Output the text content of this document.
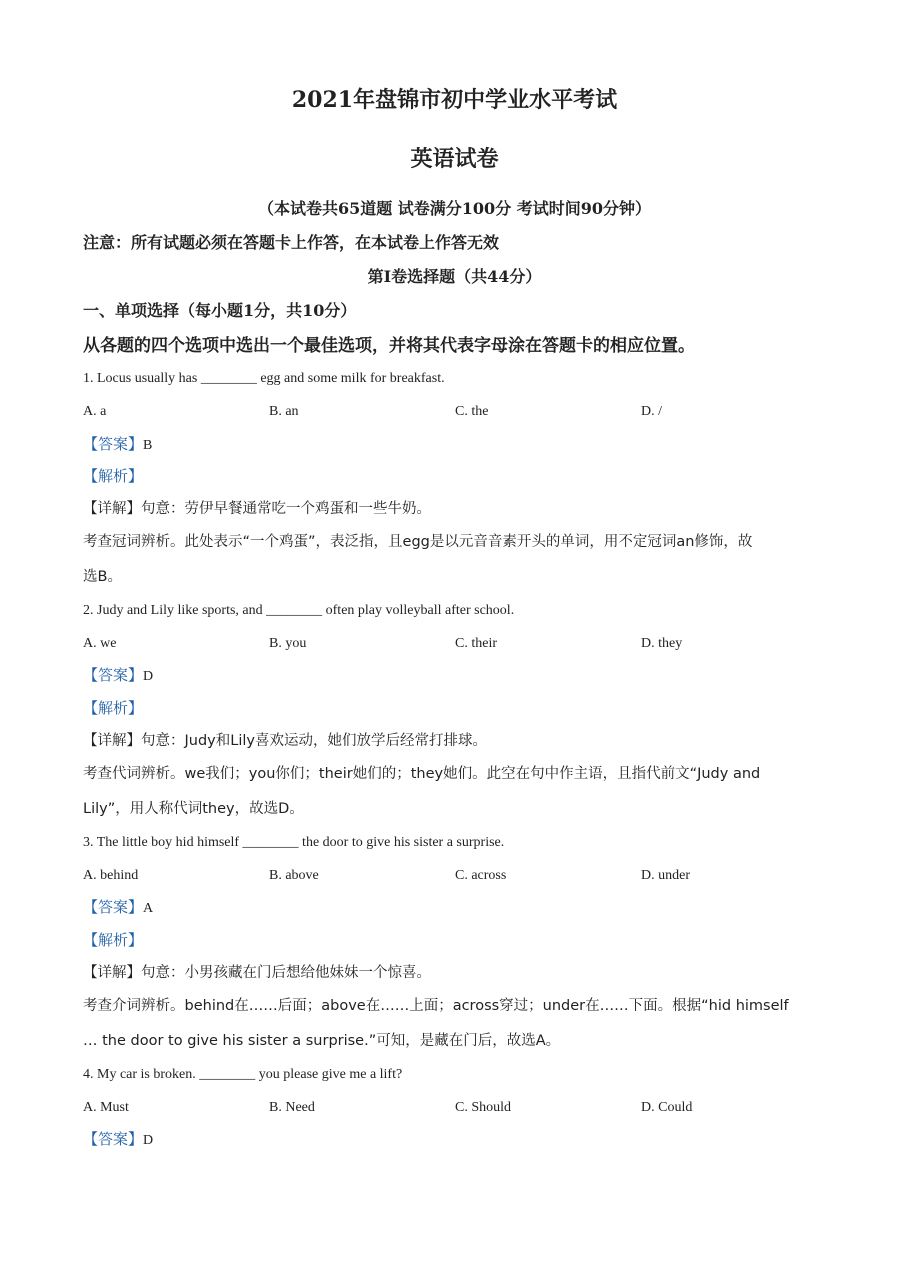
2021年盘锦市初中学业水平考试
英语试卷
（本试卷共65道题 试卷满分100分 考试时间90分钟）
注意：所有试题必须在答题卡上作答，在本试卷上作答无效
第I卷选择题（共44分）
一、单项选择（每小题1分，共10分）
从各题的四个选项中选出一个最佳选项，并将其代表字母涂在答题卡的相应位置。
1. Locus usually has ________ egg and some milk for breakfast.
A. a	B. an	C. the	D. /
【答案】B
【解析】
【详解】句意：劳伊早餐通常吃一个鸡蛋和一些牛奶。
考查冠词辨析。此处表示“一个鸡蛋”，表泛指，且egg是以元音音素开头的单词，用不定冠词an修饰，故
选B。
2. Judy and Lily like sports, and ________ often play volleyball after school.
A. we	B. you	C. their	D. they
【答案】D
【解析】
【详解】句意：Judy和Lily喜欢运动，她们放学后经常打排球。
考查代词辨析。we我们；you你们；their她们的；they她们。此空在句中作主语，且指代前文“Judy and
Lily”，用人称代词they，故选D。
3. The little boy hid himself ________ the door to give his sister a surprise.
A. behind	B. above	C. across	D. under
【答案】A
【解析】
【详解】句意：小男孩藏在门后想给他妹妹一个惊喜。
考查介词辨析。behind在……后面；above在……上面；across穿过；under在……下面。根据“hid himself
… the door to give his sister a surprise.”可知，是藏在门后，故选A。
4. My car is broken. ________ you please give me a lift?
A. Must	B. Need	C. Should	D. Could
【答案】D
